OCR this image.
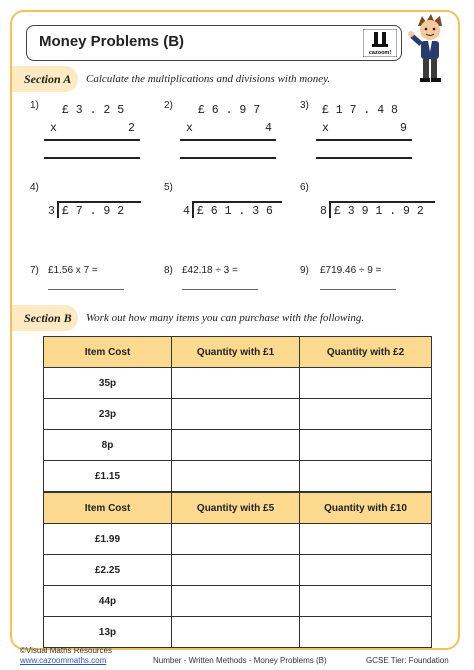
Money Problems (B)
cazoom!
Section A	Calculate the multiplications and divisions with money.
1) £ 3 . 2 5
x	2
2) £ 6 . 9 7
x	4
3) £ 1 7 . 4 8
x	9
4)
3 £ 7 . 9 2
5)
4 £ 6 1 . 3 6
6)
8 £ 3 9 1 . 9 2
7) £1.56 x 7 =	8) £42.18 ÷ 3 =	9) £719.46 ÷ 9 =
Section B	Work out how many items you can purchase with the following.
Item Cost	Quantity with £1	Quantity with £2
35p		
23p		
8p		
£1.15		
Item Cost	Quantity with £5	Quantity with £10
£1.99		
£2.25		
44p		
13p		
©Visual Maths Resources
www.cazoommaths.com	Number - Written Methods - Money Problems (B)	GCSE Tier: Foundation
